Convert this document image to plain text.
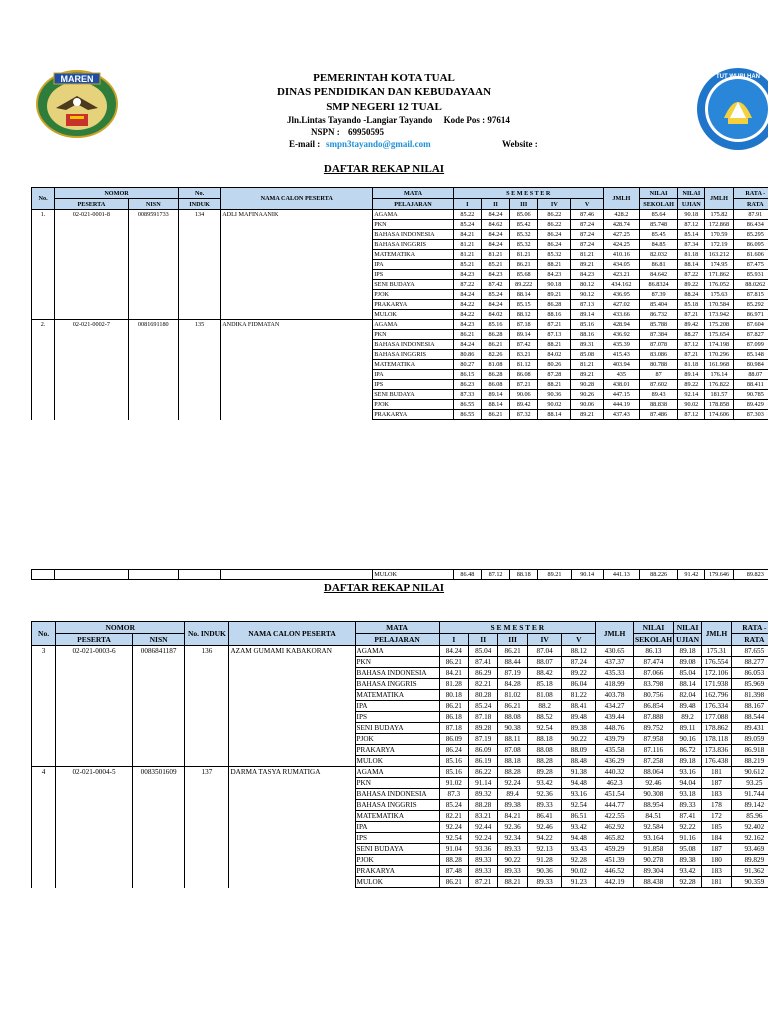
MAREN	TUT WURI HAN
PEMERINTAH KOTA TUAL
DINAS PENDIDIKAN DAN KEBUDAYAAN
SMP NEGERI 12 TUAL
Jln.Lintas Tayando -Langiar Tayando     Kode Pos : 97614
NSPN : 69950595
E-mail : smpn3tayando@gmail.com	Website :
DAFTAR REKAP NILAI
No.	NOMOR		No.	NAMA CALON PESERTA	MATA	S E M E S T E R					JMLH	NILAI	NILAI	JMLH	RATA -
	PESERTA	NISN	INDUK		PELAJARAN	I	II	III	IV	V		SEKOLAH	UJIAN		RATA
1.	02-021-0001-8	0089591733	134	ADLI MAFINAANIK	AGAMA	85.22	84.24	85.06	86.22	87.46	428.2	85.64	90.18	175.82	87.91
					PKN	85.24	84.62	85.42	86.22	87.24	428.74	85.748	87.12	172.868	86.434
					BAHASA INDONESIA	84.21	84.24	85.32	86.24	87.24	427.25	85.45	85.14	170.59	85.295
					BAHASA INGGRIS	81.21	84.24	85.32	86.24	87.24	424.25	84.85	87.34	172.19	86.095
					MATEMATIKA	81.21	81.21	81.21	85.32	81.21	410.16	82.032	81.18	163.212	81.606
					IPA	85.21	85.21	86.21	88.21	89.21	434.05	86.81	88.14	174.95	87.475
					IPS	84.23	84.23	85.68	84.23	84.23	423.21	84.642	87.22	171.862	85.931
					SENI BUDAYA	87.22	87.42	89.222	90.18	80.12	434.162	86.8324	89.22	176.052	88.0262
					PJOK	84.24	85.24	88.14	89.21	90.12	436.95	87.39	88.24	175.63	87.815
					PRAKARYA	84.22	84.24	85.15	86.28	87.13	427.02	85.404	85.18	170.584	85.292
					MULOK	84.22	84.02	88.12	88.16	89.14	433.66	86.732	87.21	173.942	86.971
2.	02-021-0002-7	0081691180	135	ANDIKA FIDMATAN	AGAMA	84.23	85.16	87.18	87.21	85.16	428.94	85.788	89.42	175.208	87.604
					PKN	86.21	86.28	89.14	87.13	88.16	436.92	87.384	88.27	175.654	87.827
					BAHASA INDONESIA	84.24	86.21	87.42	88.21	89.31	435.39	87.078	87.12	174.198	87.099
					BAHASA INGGRIS	80.86	82.26	83.21	84.02	85.08	415.43	83.086	87.21	170.296	85.148
					MATEMATIKA	80.27	81.08	81.12	80.26	81.21	403.94	80.788	81.18	161.968	80.984
					IPA	86.15	86.28	86.08	87.28	89.21	435	87	89.14	176.14	88.07
					IPS	86.23	86.08	87.21	88.21	90.28	438.01	87.602	89.22	176.822	88.411
					SENI BUDAYA	87.33	89.14	90.06	90.36	90.26	447.15	89.43	92.14	181.57	90.785
					PJOK	86.55	88.14	89.42	90.02	90.06	444.19	88.838	90.02	178.858	89.429
					PRAKARYA	86.55	86.21	87.32	88.14	89.21	437.43	87.486	87.12	174.606	87.303
					MULOK	86.48	87.12	88.18	89.21	90.14	441.13	88.226	91.42	179.646	89.823
DAFTAR REKAP NILAI
No.	NOMOR		No. INDUK	NAMA CALON PESERTA	MATA	S E M E S T E R					JMLH	NILAI	NILAI	JMLH	RATA -
	PESERTA	NISN			PELAJARAN	I	II	III	IV	V		SEKOLAH	UJIAN		RATA
3	02-021-0003-6	0086841187	136	AZAM GUMAMI KABAKORAN	AGAMA	84.24	85.04	86.21	87.04	88.12	430.65	86.13	89.18	175.31	87.655
					PKN	86.21	87.41	88.44	88.07	87.24	437.37	87.474	89.08	176.554	88.277
					BAHASA INDONESIA	84.21	86.29	87.19	88.42	89.22	435.33	87.066	85.04	172.106	86.053
					BAHASA INGGRIS	81.28	82.21	84.28	85.18	86.04	418.99	83.798	88.14	171.938	85.969
					MATEMATIKA	80.18	80.28	81.02	81.08	81.22	403.78	80.756	82.04	162.796	81.398
					IPA	86.21	85.24	86.21	88.2	88.41	434.27	86.854	89.48	176.334	88.167
					IPS	86.18	87.18	88.08	88.52	89.48	439.44	87.888	89.2	177.088	88.544
					SENI BUDAYA	87.18	89.28	90.38	92.54	89.38	448.76	89.752	89.11	178.862	89.431
					PJOK	86.09	87.19	88.11	88.18	90.22	439.79	87.958	90.16	178.118	89.059
					PRAKARYA	86.24	86.09	87.08	88.08	88.09	435.58	87.116	86.72	173.836	86.918
					MULOK	85.16	86.19	88.18	88.28	88.48	436.29	87.258	89.18	176.438	88.219
4	02-021-0004-5	0083501609	137	DARMA TASYA RUMATIGA	AGAMA	85.16	86.22	88.28	89.28	91.38	440.32	88.064	93.16	181	90.612
					PKN	91.02	91.14	92.24	93.42	94.48	462.3	92.46	94.04	187	93.25
					BAHASA INDONESIA	87.3	89.32	89.4	92.36	93.16	451.54	90.308	93.18	183	91.744
					BAHASA INGGRIS	85.24	88.28	89.38	89.33	92.54	444.77	88.954	89.33	178	89.142
					MATEMATIKA	82.21	83.21	84.21	86.41	86.51	422.55	84.51	87.41	172	85.96
					IPA	92.24	92.44	92.36	92.46	93.42	462.92	92.584	92.22	185	92.402
					IPS	92.54	92.24	92.34	94.22	94.48	465.82	93.164	91.16	184	92.162
					SENI BUDAYA	91.04	93.36	89.33	92.13	93.43	459.29	91.858	95.08	187	93.469
					PJOK	88.28	89.33	90.22	91.28	92.28	451.39	90.278	89.38	180	89.829
					PRAKARYA	87.48	89.33	89.33	90.36	90.02	446.52	89.304	93.42	183	91.362
					MULOK	86.21	87.21	88.21	89.33	91.23	442.19	88.438	92.28	181	90.359
